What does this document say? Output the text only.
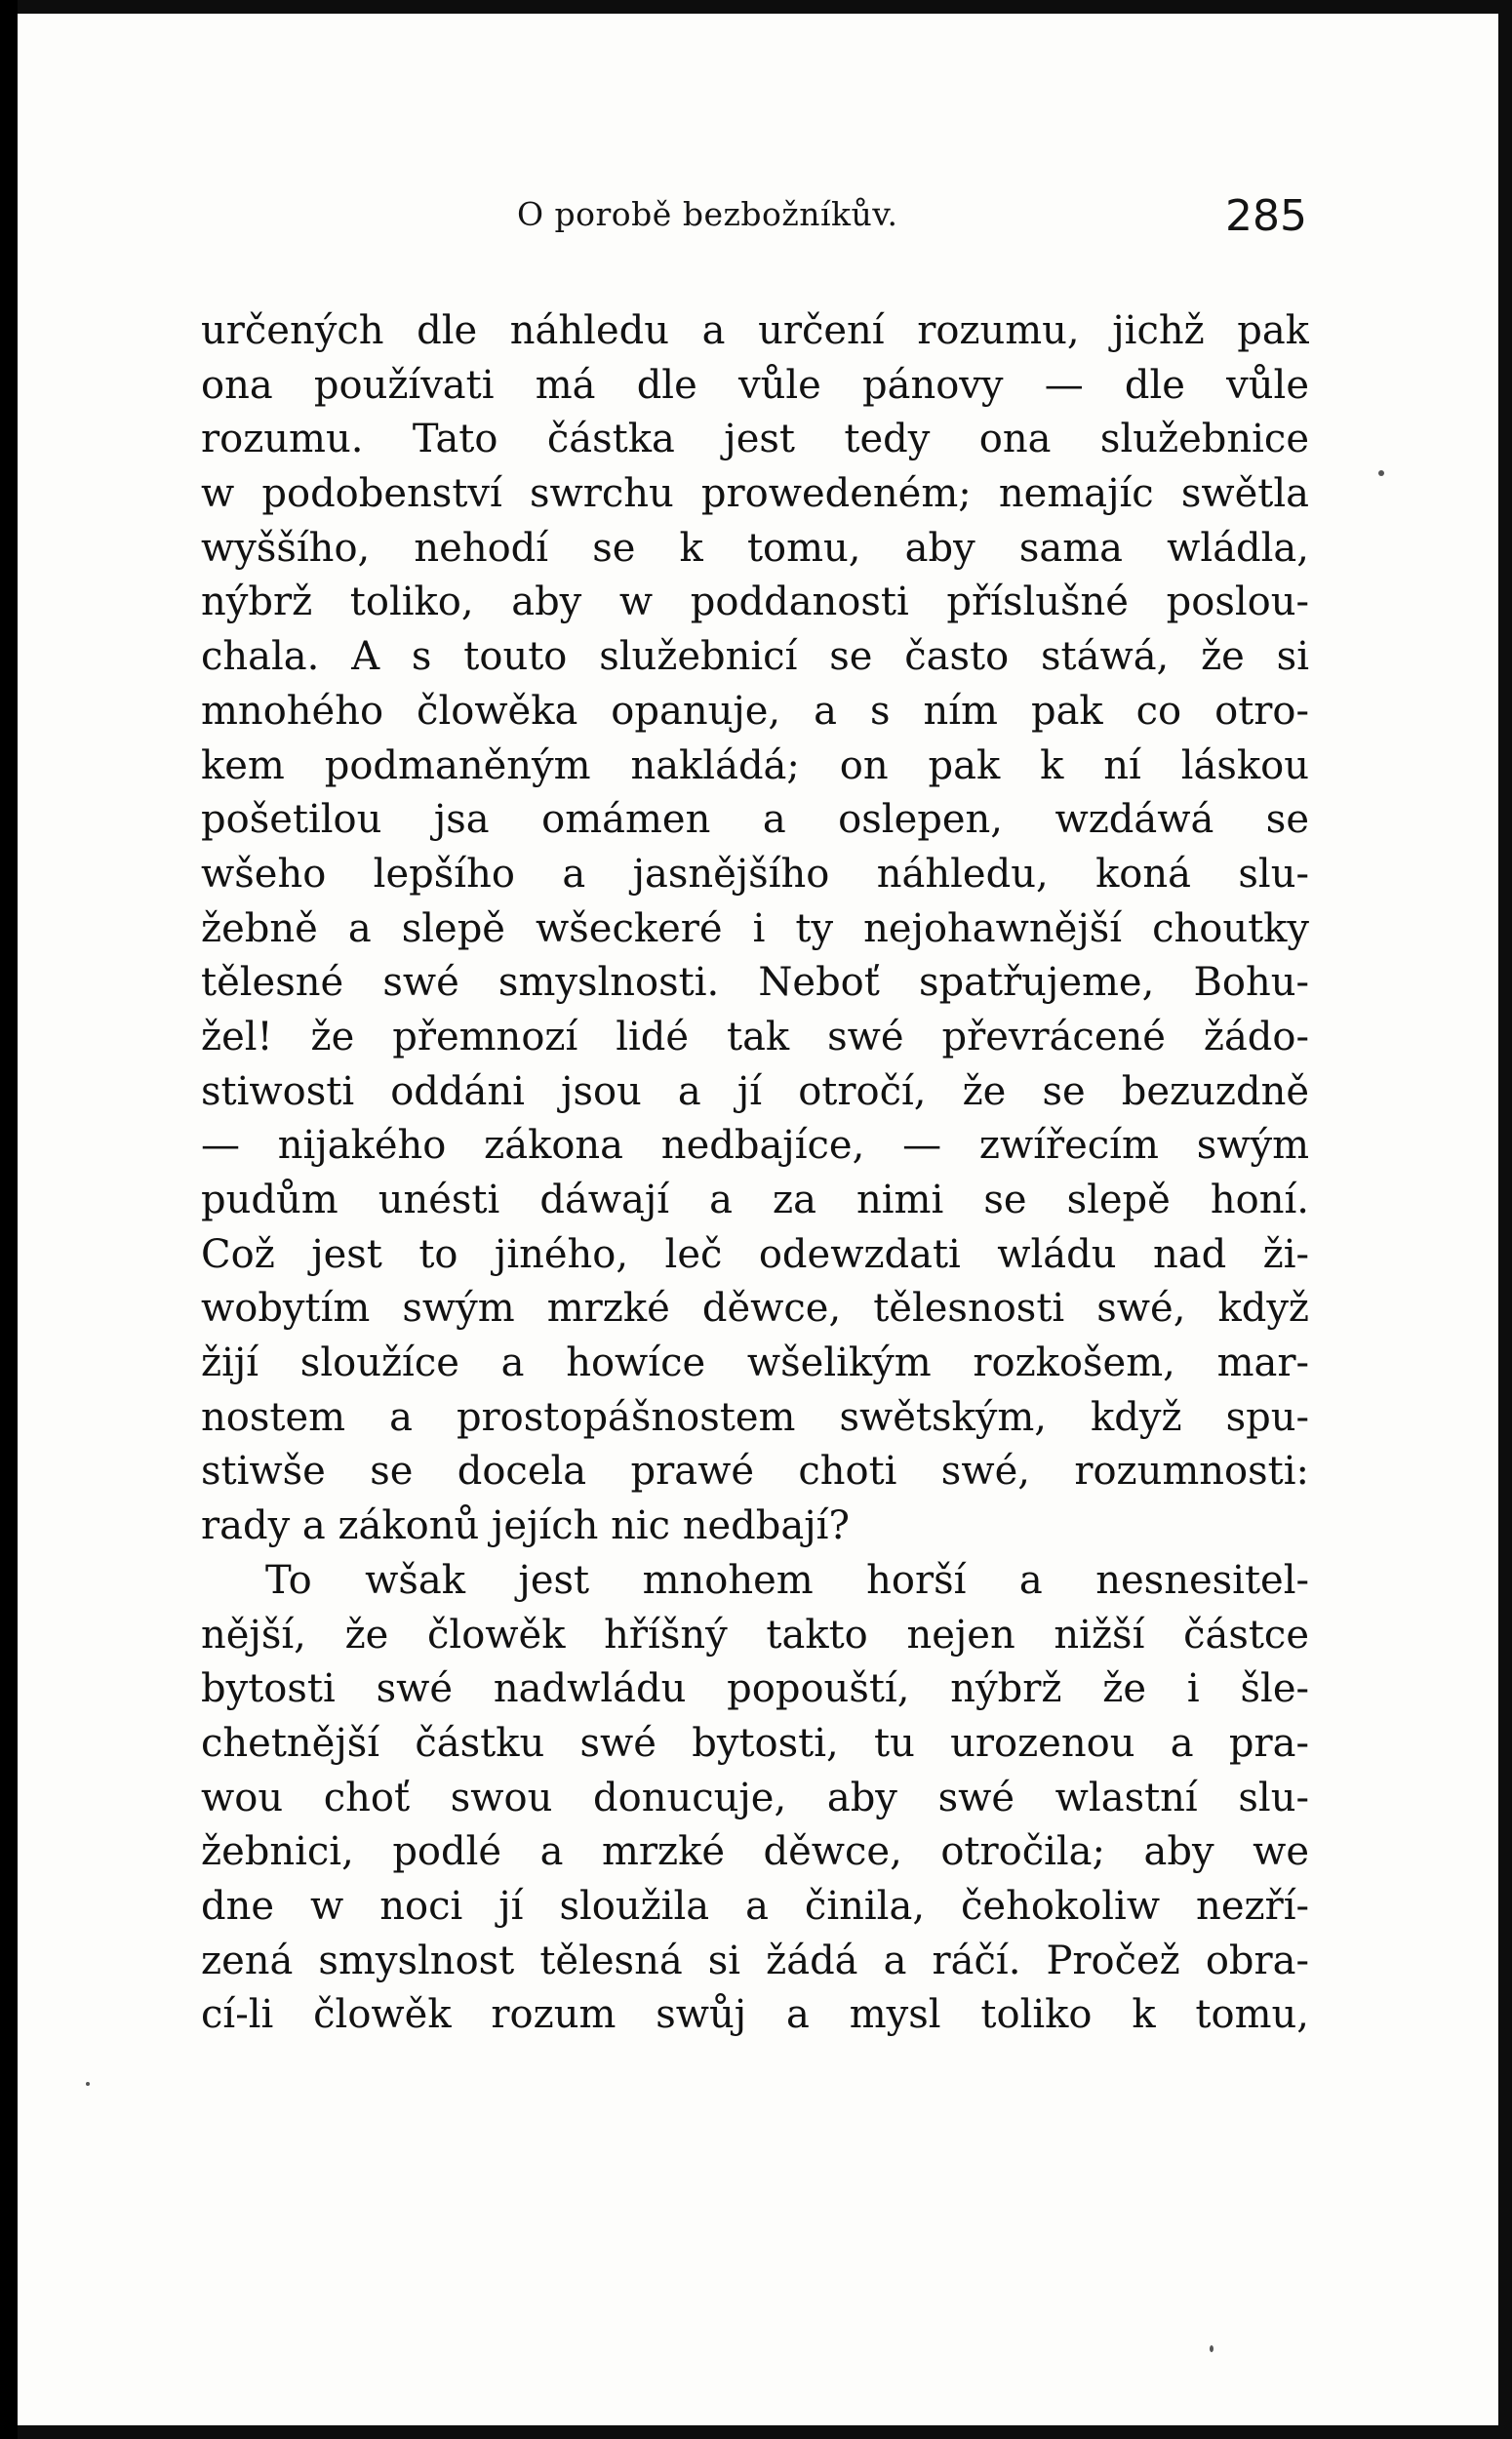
O porobě bezbožníkův.	285
určených dle náhledu a určení rozumu, jichž pak
ona používati má dle vůle pánovy — dle vůle
rozumu. Tato částka jest tedy ona služebnice
w podobenství swrchu prowedeném; nemajíc swětla
wyššího, nehodí se k tomu, aby sama wládla,
nýbrž toliko, aby w poddanosti příslušné poslou-
chala. A s touto služebnicí se často stáwá, že si
mnohého člowěka opanuje, a s ním pak co otro-
kem podmaněným nakládá; on pak k ní láskou
pošetilou jsa omámen a oslepen, wzdáwá se
wšeho lepšího a jasnějšího náhledu, koná slu-
žebně a slepě wšeckeré i ty nejohawnější choutky
tělesné swé smyslnosti. Neboť spatřujeme, Bohu-
žel! že přemnozí lidé tak swé převrácené žádo-
stiwosti oddáni jsou a jí otročí, že se bezuzdně
— nijakého zákona nedbajíce, — zwířecím swým
pudům unésti dáwají a za nimi se slepě honí.
Což jest to jiného, leč odewzdati wládu nad ži-
wobytím swým mrzké děwce, tělesnosti swé, když
žijí sloužíce a howíce wšelikým rozkošem, mar-
nostem a prostopášnostem swětským, když spu-
stiwše se docela prawé choti swé, rozumnosti:
rady a zákonů jejích nic nedbají?
To wšak jest mnohem horší a nesnesitel-
nější, že člowěk hříšný takto nejen nižší částce
bytosti swé nadwládu popouští, nýbrž že i šle-
chetnější částku swé bytosti, tu urozenou a pra-
wou choť swou donucuje, aby swé wlastní slu-
žebnici, podlé a mrzké děwce, otročila; aby we
dne w noci jí sloužila a činila, čehokoliw nezří-
zená smyslnost tělesná si žádá a ráčí. Pročež obra-
cí-li člowěk rozum swůj a mysl toliko k tomu,
